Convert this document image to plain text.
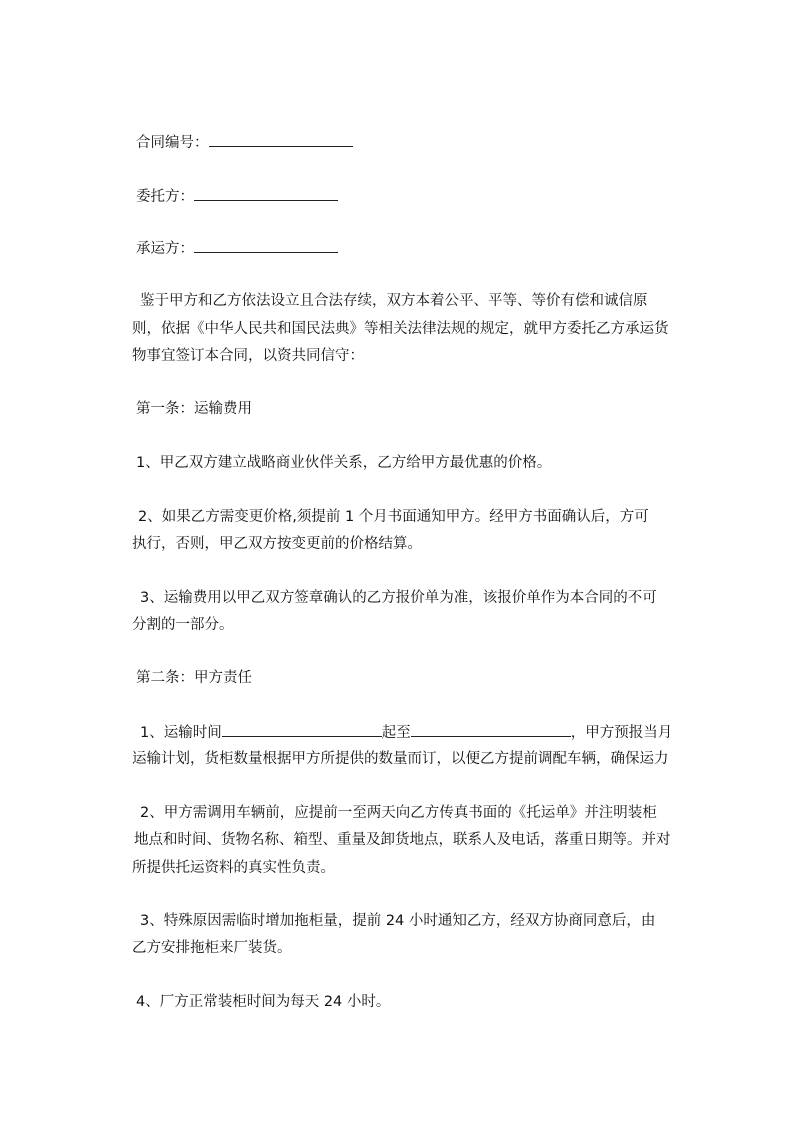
合同编号：
委托方：
承运方：
鉴于甲方和乙方依法设立且合法存续，双方本着公平、平等、等价有偿和诚信原
则，依据《中华人民共和国民法典》等相关法律法规的规定，就甲方委托乙方承运货
物事宜签订本合同，以资共同信守：
第一条：运输费用
1、甲乙双方建立战略商业伙伴关系，乙方给甲方最优惠的价格。
2、如果乙方需变更价格,须提前 1 个月书面通知甲方。经甲方书面确认后，方可
执行，否则，甲乙双方按变更前的价格结算。
3、运输费用以甲乙双方签章确认的乙方报价单为准，该报价单作为本合同的不可
分割的一部分。
第二条：甲方责任
1、运输时间	起至	，甲方预报当月
运输计划，货柜数量根据甲方所提供的数量而订，以便乙方提前调配车辆，确保运力
2、甲方需调用车辆前，应提前一至两天向乙方传真书面的《托运单》并注明装柜
地点和时间、货物名称、箱型、重量及卸货地点，联系人及电话，落重日期等。并对
所提供托运资料的真实性负责。
3、特殊原因需临时增加拖柜量，提前 24 小时通知乙方，经双方协商同意后，由
乙方安排拖柜来厂装货。
4、厂方正常装柜时间为每天 24 小时。
